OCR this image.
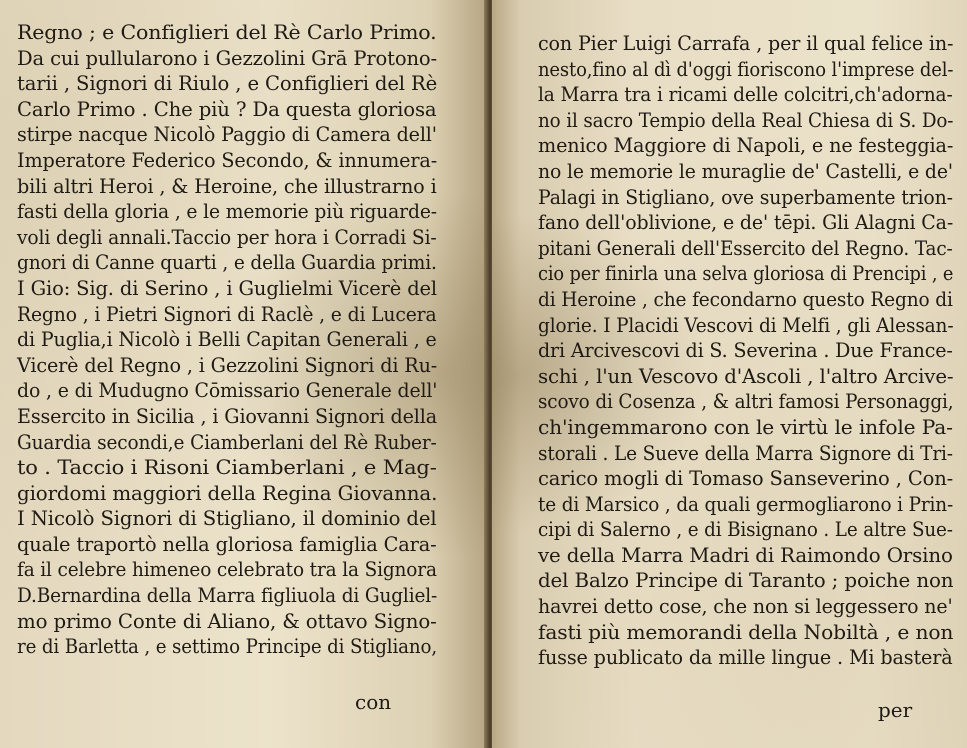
Regno ; e Configlieri del Rè Carlo Primo.
Da cui pullularono i Gezzolini Grā Protono-
tarii , Signori di Riulo , e Configlieri del Rè
Carlo Primo . Che più ? Da questa gloriosa
stirpe nacque Nicolò Paggio di Camera dell'
Imperatore Federico Secondo, & innumera-
bili altri Heroi , & Heroine, che illustrarno i
fasti della gloria , e le memorie più riguarde-
voli degli annali.Taccio per hora i Corradi Si-
gnori di Canne quarti , e della Guardia primi.
I Gio: Sig. di Serino , i Guglielmi Vicerè del
Regno , i Pietri Signori di Raclè , e di Lucera
di Puglia,i Nicolò i Belli Capitan Generali , e
Vicerè del Regno , i Gezzolini Signori di Ru-
do , e di Mudugno Cōmissario Generale dell'
Essercito in Sicilia , i Giovanni Signori della
Guardia secondi,e Ciamberlani del Rè Ruber-
to . Taccio i Risoni Ciamberlani , e Mag-
giordomi maggiori della Regina Giovanna.
I Nicolò Signori di Stigliano, il dominio del
quale traportò nella gloriosa famiglia Cara-
fa il celebre himeneo celebrato tra la Signora
D.Bernardina della Marra figliuola di Gugliel-
mo primo Conte di Aliano, & ottavo Signo-
re di Barletta , e settimo Principe di Stigliano,
con
con Pier Luigi Carrafa , per il qual felice in-
nesto,fino al dì d'oggi fioriscono l'imprese del-
la Marra tra i ricami delle colcitri,ch'adorna-
no il sacro Tempio della Real Chiesa di S. Do-
menico Maggiore di Napoli, e ne festeggia-
no le memorie le muraglie de' Castelli, e de'
Palagi in Stigliano, ove superbamente trion-
fano dell'oblivione, e de' tēpi. Gli Alagni Ca-
pitani Generali dell'Essercito del Regno. Tac-
cio per finirla una selva gloriosa di Prencipi , e
di Heroine , che fecondarno questo Regno di
glorie. I Placidi Vescovi di Melfi , gli Alessan-
dri Arcivescovi di S. Severina . Due France-
schi , l'un Vescovo d'Ascoli , l'altro Arcive-
scovo di Cosenza , & altri famosi Personaggi,
ch'ingemmarono con le virtù le infole Pa-
storali . Le Sueve della Marra Signore di Tri-
carico mogli di Tomaso Sanseverino , Con-
te di Marsico , da quali germogliarono i Prin-
cipi di Salerno , e di Bisignano . Le altre Sue-
ve della Marra Madri di Raimondo Orsino
del Balzo Principe di Taranto ; poiche non
havrei detto cose, che non si leggessero ne'
fasti più memorandi della Nobiltà , e non
fusse publicato da mille lingue . Mi basterà
per
